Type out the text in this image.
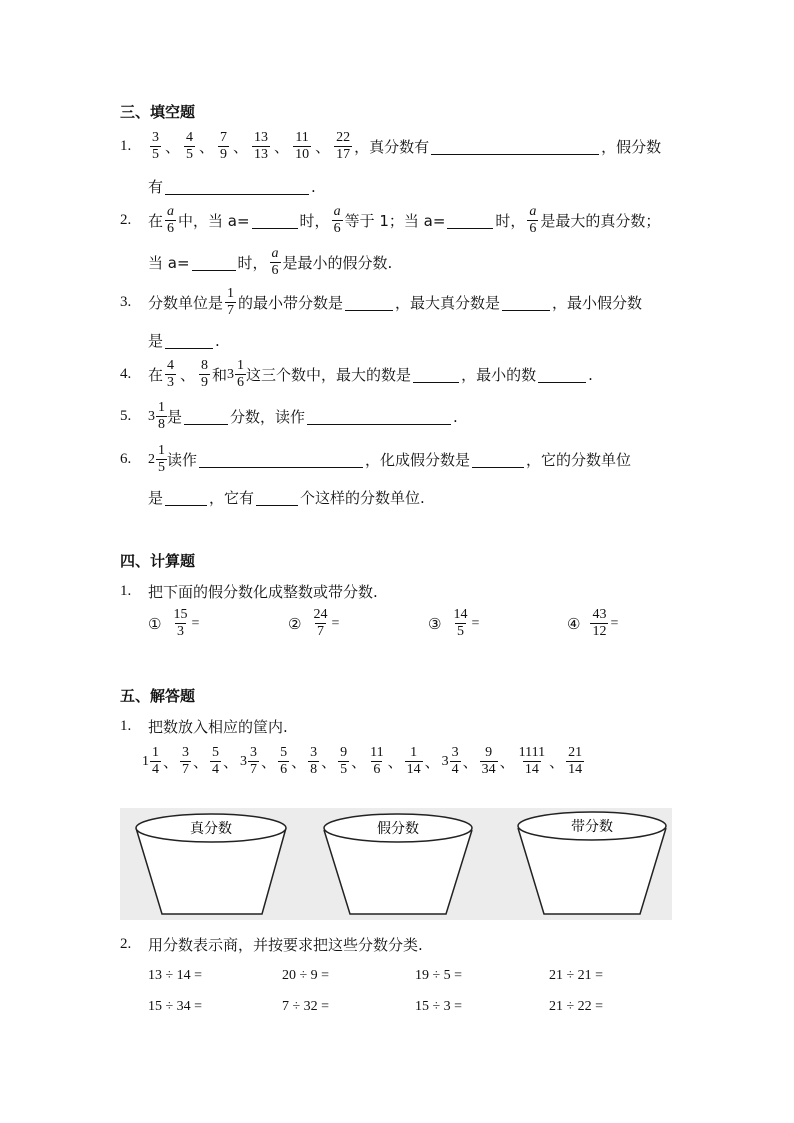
三、填空题
1.	$\frac{3}{5}$ 、 $\frac{4}{5}$ 、 $\frac{7}{9}$ 、 $\frac{13}{13}$ 、 $\frac{11}{10}$ 、 $\frac{22}{17}$ ，真分数有	，假分数
有	.
2.	在 $\frac{a}{6}$ 中，当 a=	时， $\frac{a}{6}$ 等于 1；当 a=	时， $\frac{a}{6}$ 是最大的真分数；
当 a=	时， $\frac{a}{6}$ 是最小的假分数.
3.	分数单位是 $\frac{1}{7}$ 的最小带分数是	，最大真分数是	，最小假分数
是	.
4.	在 $\frac{4}{3}$ 、 $\frac{8}{9}$ 和 $3 \frac{1}{6}$ 这三个数中，最大的数是	，最小的数	.
5.	$3 \frac{1}{8}$ 是	分数，读作	.
6.	$2 \frac{1}{5}$ 读作	，化成假分数是	，它的分数单位
是	，它有	个这样的分数单位.
四、计算题
1.	把下面的假分数化成整数或带分数.
① $\frac{15}{3}$ =	② $\frac{24}{7}$ =	③ $\frac{14}{5}$ =	④ $\frac{43}{12}$ =
五、解答题
1.	把数放入相应的筐内.
$1 \frac{1}{4}$ 、 $\frac{3}{7}$ 、 $\frac{5}{4}$ 、 $3 \frac{3}{7}$ 、 $\frac{5}{6}$ 、 $\frac{3}{8}$ 、 $\frac{9}{5}$ 、 $\frac{11}{6}$ 、 $\frac{1}{14}$ 、 $3 \frac{3}{4}$ 、 $\frac{9}{34}$ 、 $\frac{1111}{14}$ 、 $\frac{21}{14}$
真分数	假分数	带分数
2.	用分数表示商，并按要求把这些分数分类.
13 ÷ 14 =	20 ÷ 9 =	19 ÷ 5 =	21 ÷ 21 =
15 ÷ 34 =	7 ÷ 32 =	15 ÷ 3 =	21 ÷ 22 =
